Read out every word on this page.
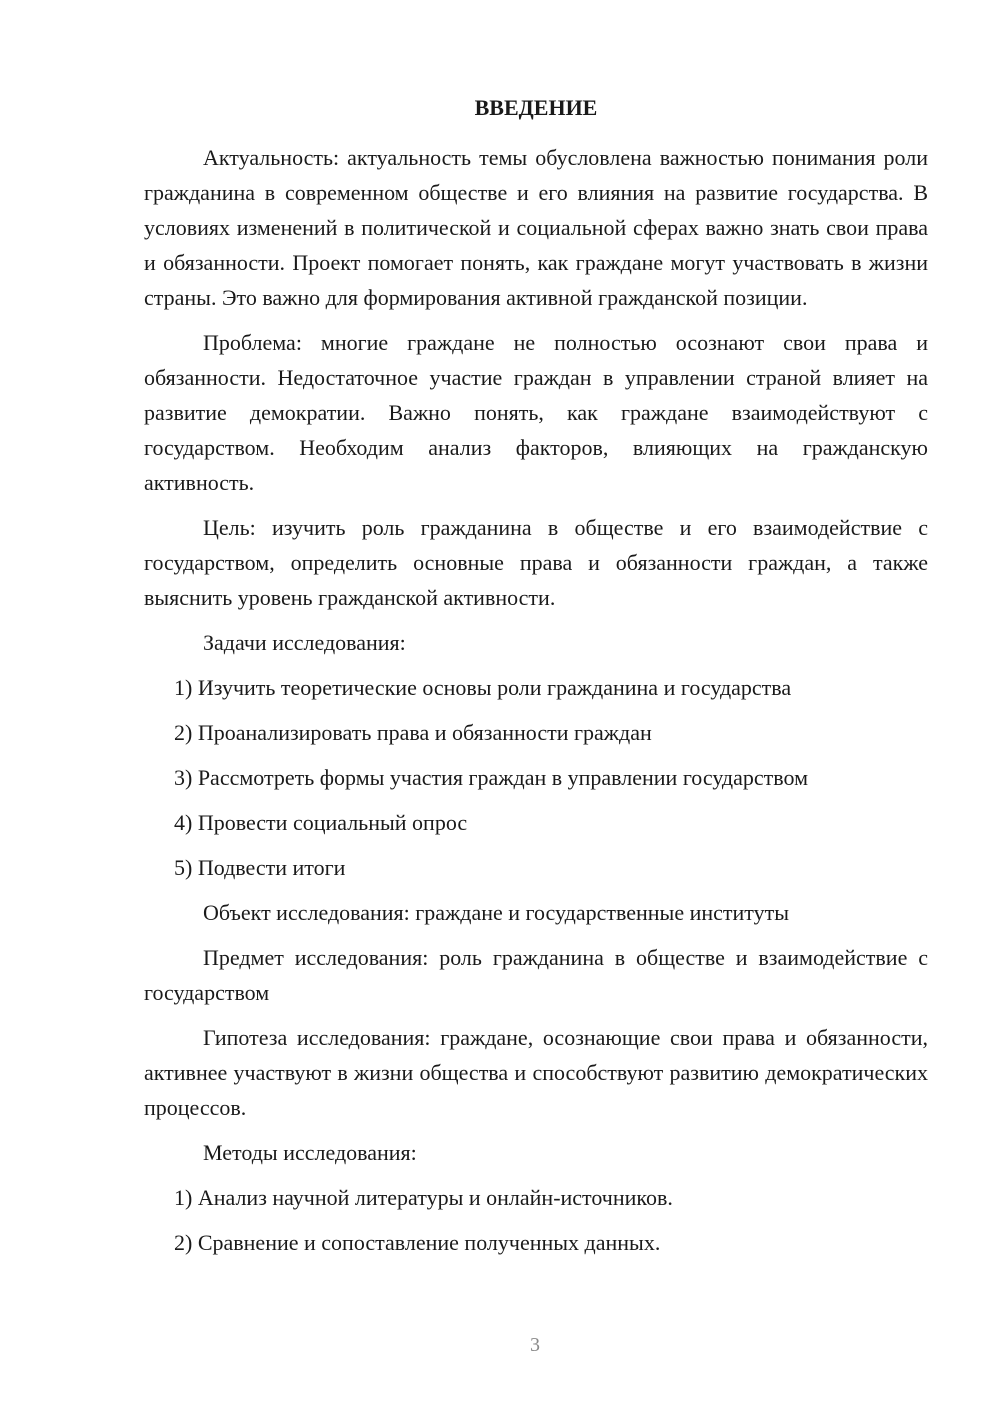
ВВЕДЕНИЕ

Актуальность: актуальность темы обусловлена важностью понимания роли гражданина в современном обществе и его влияния на развитие государства. В условиях изменений в политической и социальной сферах важно знать свои права и обязанности. Проект помогает понять, как граждане могут участвовать в жизни страны. Это важно для формирования активной гражданской позиции.

Проблема: многие граждане не полностью осознают свои права и обязанности. Недостаточное участие граждан в управлении страной влияет на развитие демократии. Важно понять, как граждане взаимодействуют с государством. Необходим анализ факторов, влияющих на гражданскую активность.

Цель: изучить роль гражданина в обществе и его взаимодействие с государством, определить основные права и обязанности граждан, а также выяснить уровень гражданской активности.

Задачи исследования:

1) Изучить теоретические основы роли гражданина и государства
2) Проанализировать права и обязанности граждан
3) Рассмотреть формы участия граждан в управлении государством
4) Провести социальный опрос
5) Подвести итоги

Объект исследования: граждане и государственные институты

Предмет исследования: роль гражданина в обществе и взаимодействие с государством

Гипотеза исследования: граждане, осознающие свои права и обязанности, активнее участвуют в жизни общества и способствуют развитию демократических процессов.

Методы исследования:

1) Анализ научной литературы и онлайн-источников.
2) Сравнение и сопоставление полученных данных.
3
